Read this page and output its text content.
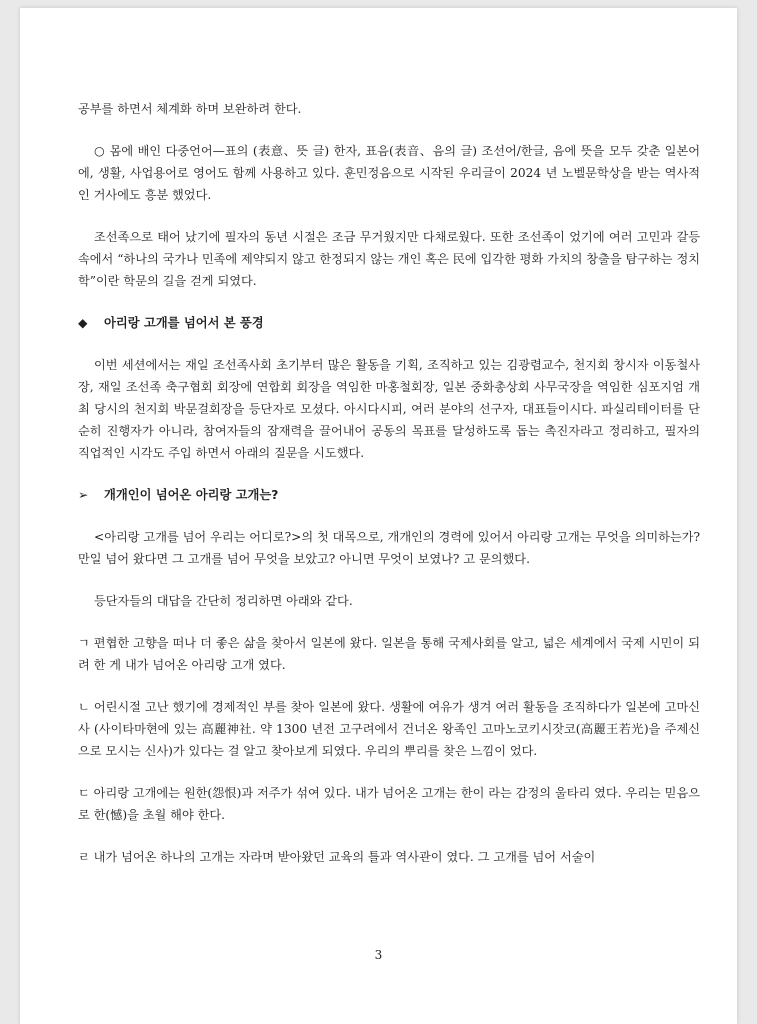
공부를 하면서 체계화 하며 보완하려 한다.

○ 몸에 배인 다중언어—표의 (表意、뜻 글) 한자, 표음(表音、음의 글) 조선어/한글, 음에 뜻을 모두 갖춘 일본어에, 생활, 사업용어로 영어도 함께 사용하고 있다. 훈민정음으로 시작된 우리글이 2024 년 노벨문학상을 받는 역사적인 거사에도 흥분 했었다.

조선족으로 태어 났기에 필자의 동년 시절은 조금 무거웠지만 다채로웠다. 또한 조선족이 었기에 여러 고민과 갈등속에서 “하나의 국가나 민족에 제약되지 않고 한정되지 않는 개인 혹은 民에 입각한 평화 가치의 창출을 탐구하는 정치학”이란 학문의 길을 걷게 되였다.

◆ 아리랑 고개를 넘어서 본 풍경

이번 세션에서는 재일 조선족사회 초기부터 많은 활동을 기획, 조직하고 있는 김광렴교수, 천지회 창시자 이동철사장, 재일 조선족 축구협회 회장에 연합회 회장을 역임한 마홍철회장, 일본 중화총상회 사무국장을 역임한 심포지엄 개최 당시의 천지회 박문걸회장을 등단자로 모셨다. 아시다시피, 여러 분야의 선구자, 대표들이시다. 파실리테이터를 단순히 진행자가 아니라, 참여자들의 잠재력을 끌어내어 공동의 목표를 달성하도록 돕는 촉진자라고 정리하고, 필자의 직업적인 시각도 주입 하면서 아래의 질문을 시도했다.

➢ 개개인이 넘어온 아리랑 고개는?

<아리랑 고개를 넘어 우리는 어디로?>의 첫 대목으로, 개개인의 경력에 있어서 아리랑 고개는 무엇을 의미하는가? 만일 넘어 왔다면 그 고개를 넘어 무엇을 보았고? 아니면 무엇이 보였나? 고 문의했다.

등단자들의 대답을 간단히 정리하면 아래와 같다.

ㄱ 편협한 고향을 떠나 더 좋은 삶을 찾아서 일본에 왔다. 일본을 통해 국제사회를 알고, 넓은 세계에서 국제 시민이 되려 한 게 내가 넘어온 아리랑 고개 였다.

ㄴ 어린시절 고난 했기에 경제적인 부를 찾아 일본에 왔다. 생활에 여유가 생겨 여러 활동을 조직하다가 일본에 고마신사 (사이타마현에 있는 高麗神社. 약 1300 년전 고구려에서 건너온 왕족인 고마노코키시잣코(高麗王若光)을 주제신으로 모시는 신사)가 있다는 걸 알고 찾아보게 되였다. 우리의 뿌리를 찾은 느낌이 었다.

ㄷ 아리랑 고개에는 원한(怨恨)과 저주가 섞여 있다. 내가 넘어온 고개는 한이 라는 감정의 울타리 였다. 우리는 믿음으로 한(憾)을 초월 해야 한다.

ㄹ 내가 넘어온 하나의 고개는 자라며 받아왔던 교육의 틀과 역사관이 였다. 그 고개를 넘어 서술이

3
